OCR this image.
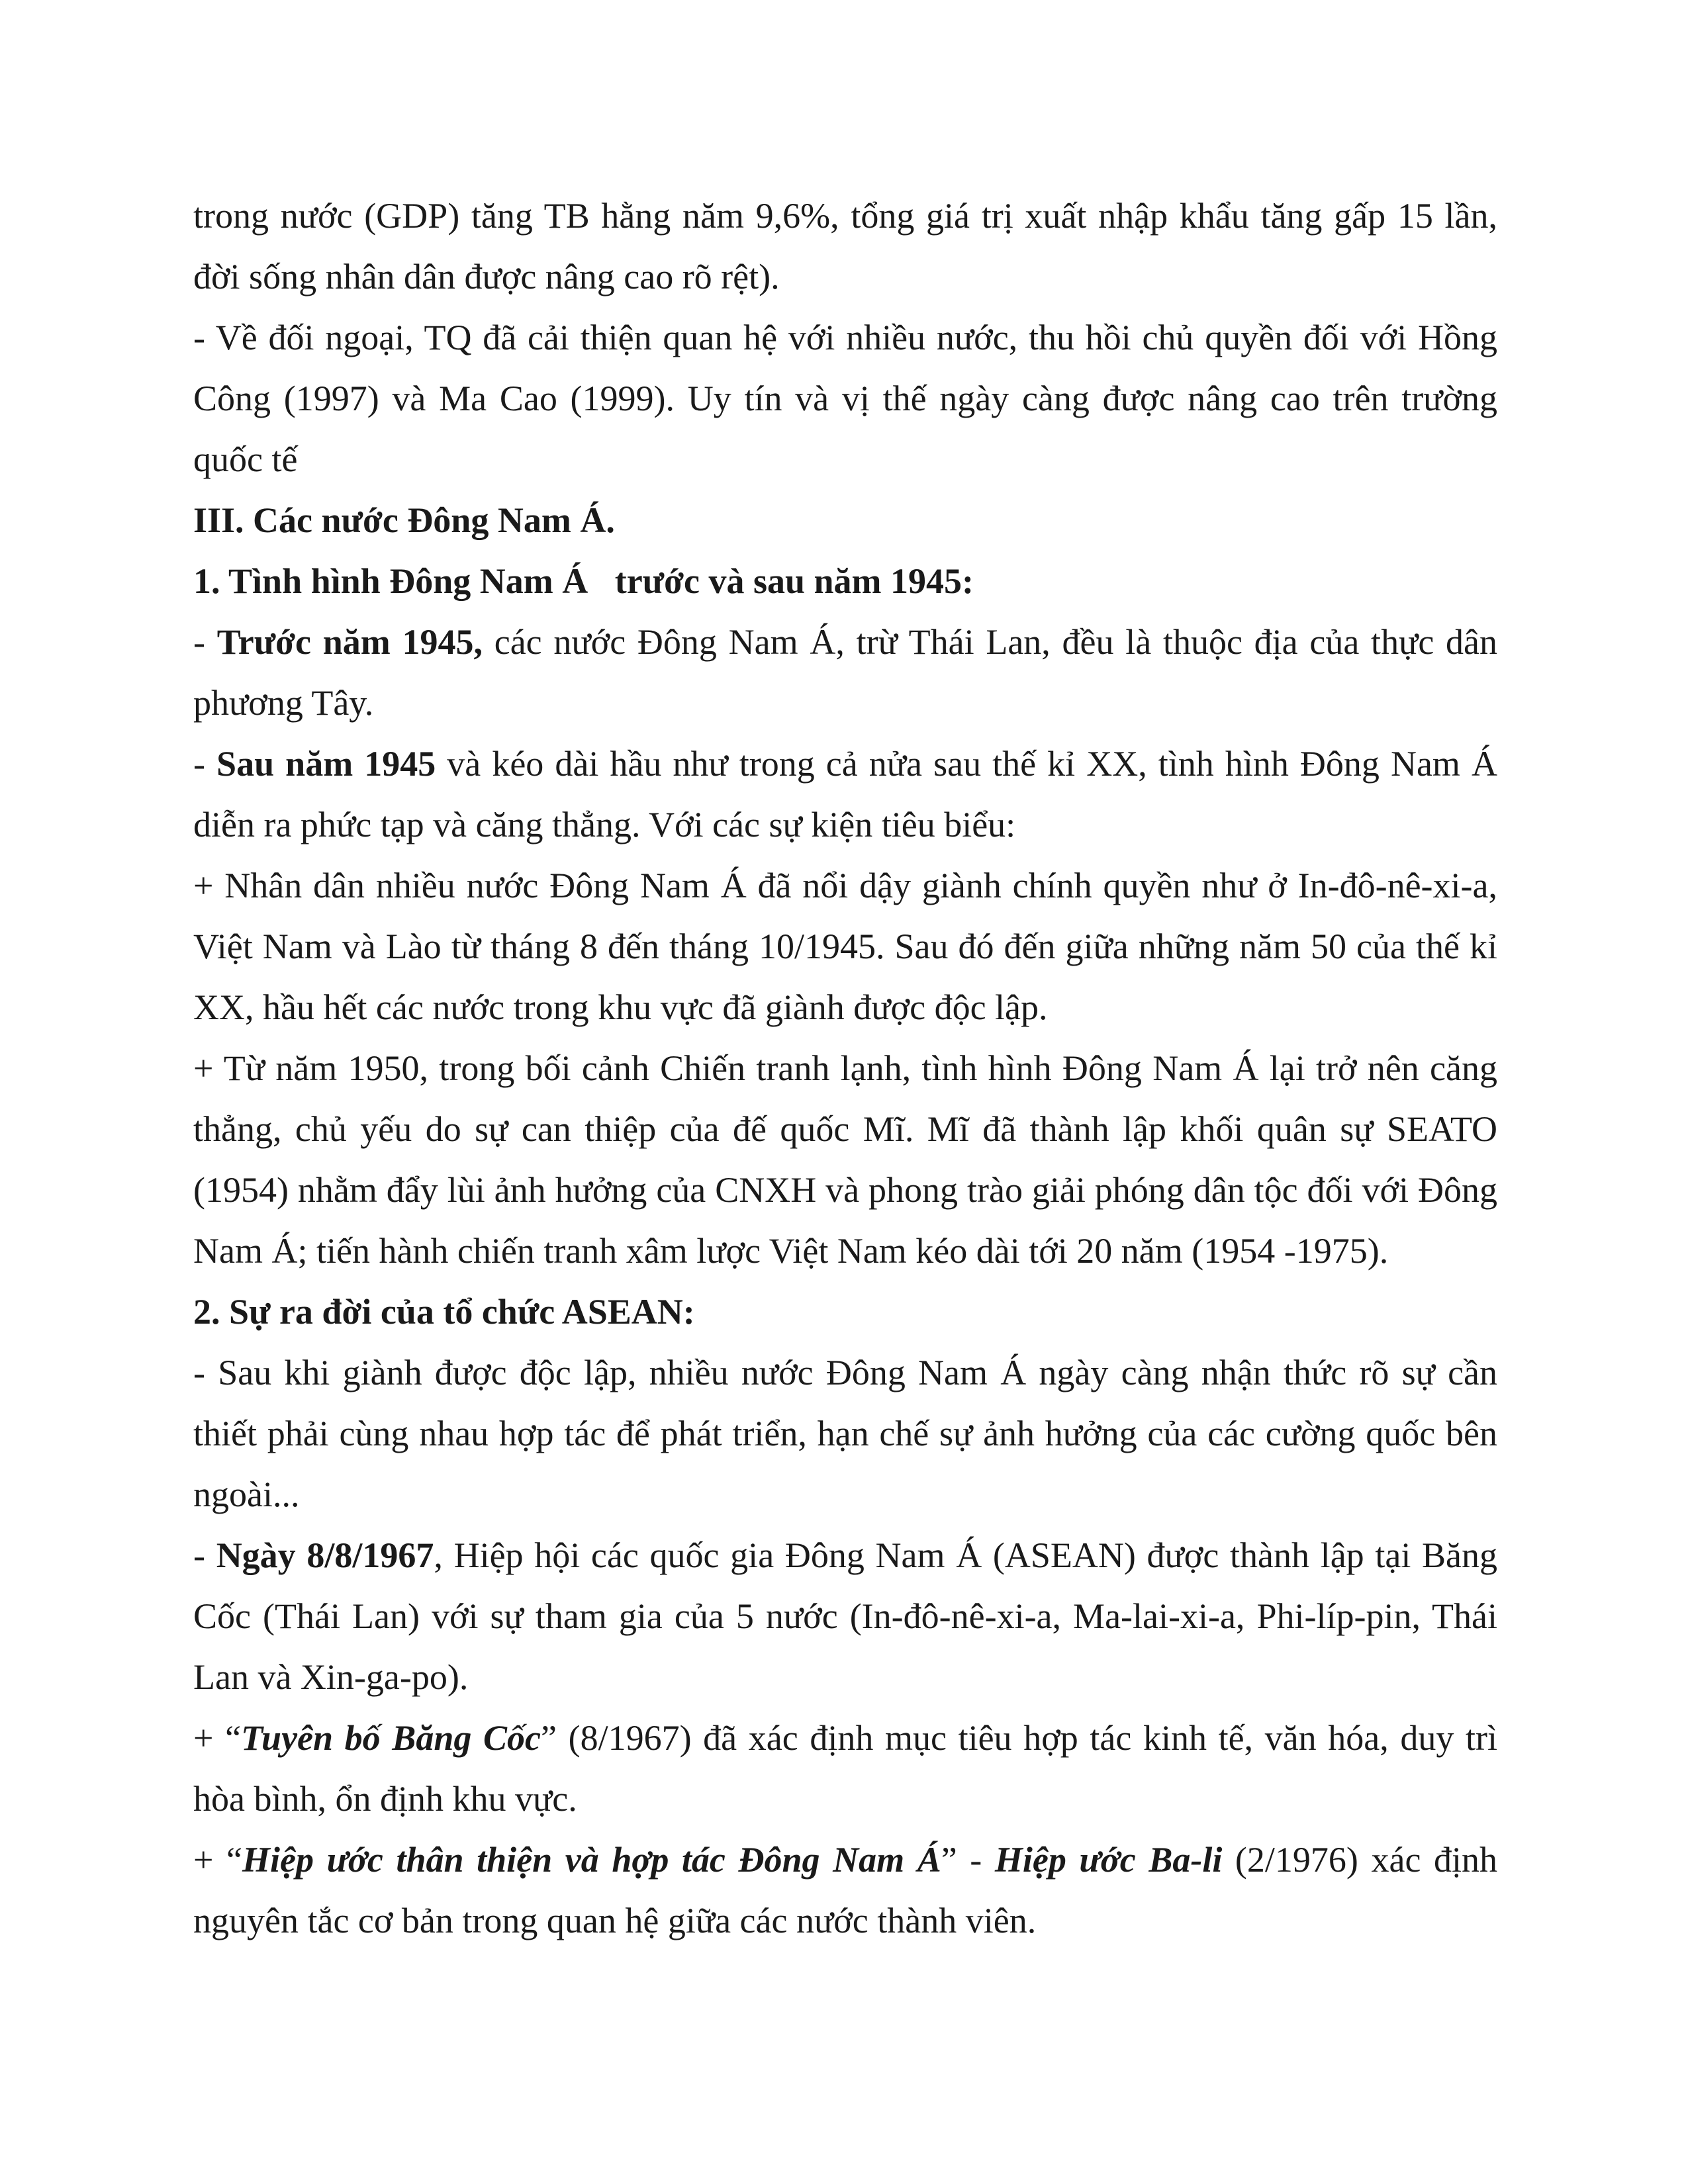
trong nước (GDP) tăng TB hằng năm 9,6%, tổng giá trị xuất nhập khẩu tăng gấp 15 lần, đời sống nhân dân được nâng cao rõ rệt).

- Về đối ngoại, TQ đã cải thiện quan hệ với nhiều nước, thu hồi chủ quyền đối với Hồng Công (1997) và Ma Cao (1999). Uy tín và vị thế ngày càng được nâng cao trên trường quốc tế

III. Các nước Đông Nam Á.

1. Tình hình Đông Nam Á   trước và sau năm 1945:

- Trước năm 1945, các nước Đông Nam Á, trừ Thái Lan, đều là thuộc địa của thực dân phương Tây.

- Sau năm 1945 và kéo dài hầu như trong cả nửa sau thế kỉ XX, tình hình Đông Nam Á diễn ra phức tạp và căng thẳng. Với các sự kiện tiêu biểu:

+ Nhân dân nhiều nước Đông Nam Á đã nổi dậy giành chính quyền như ở In-đô-nê-xi-a, Việt Nam và Lào từ tháng 8 đến tháng 10/1945. Sau đó đến giữa những năm 50 của thế kỉ XX, hầu hết các nước trong khu vực đã giành được độc lập.

+ Từ năm 1950, trong bối cảnh Chiến tranh lạnh, tình hình Đông Nam Á lại trở nên căng thẳng, chủ yếu do sự can thiệp của đế quốc Mĩ. Mĩ đã thành lập khối quân sự SEATO (1954) nhằm đẩy lùi ảnh hưởng của CNXH và phong trào giải phóng dân tộc đối với Đông Nam Á; tiến hành chiến tranh xâm lược Việt Nam kéo dài tới 20 năm (1954 -1975).

2. Sự ra đời của tổ chức ASEAN:

- Sau khi giành được độc lập, nhiều nước Đông Nam Á ngày càng nhận thức rõ sự cần thiết phải cùng nhau hợp tác để phát triển, hạn chế sự ảnh hưởng của các cường quốc bên ngoài...

- Ngày 8/8/1967, Hiệp hội các quốc gia Đông Nam Á (ASEAN) được thành lập tại Băng Cốc (Thái Lan) với sự tham gia của 5 nước (In-đô-nê-xi-a, Ma-lai-xi-a, Phi-líp-pin, Thái Lan và Xin-ga-po).

+ “Tuyên bố Băng Cốc” (8/1967) đã xác định mục tiêu hợp tác kinh tế, văn hóa, duy trì hòa bình, ổn định khu vực.

+ “Hiệp ước thân thiện và hợp tác Đông Nam Á” - Hiệp ước Ba-li (2/1976) xác định nguyên tắc cơ bản trong quan hệ giữa các nước thành viên.
